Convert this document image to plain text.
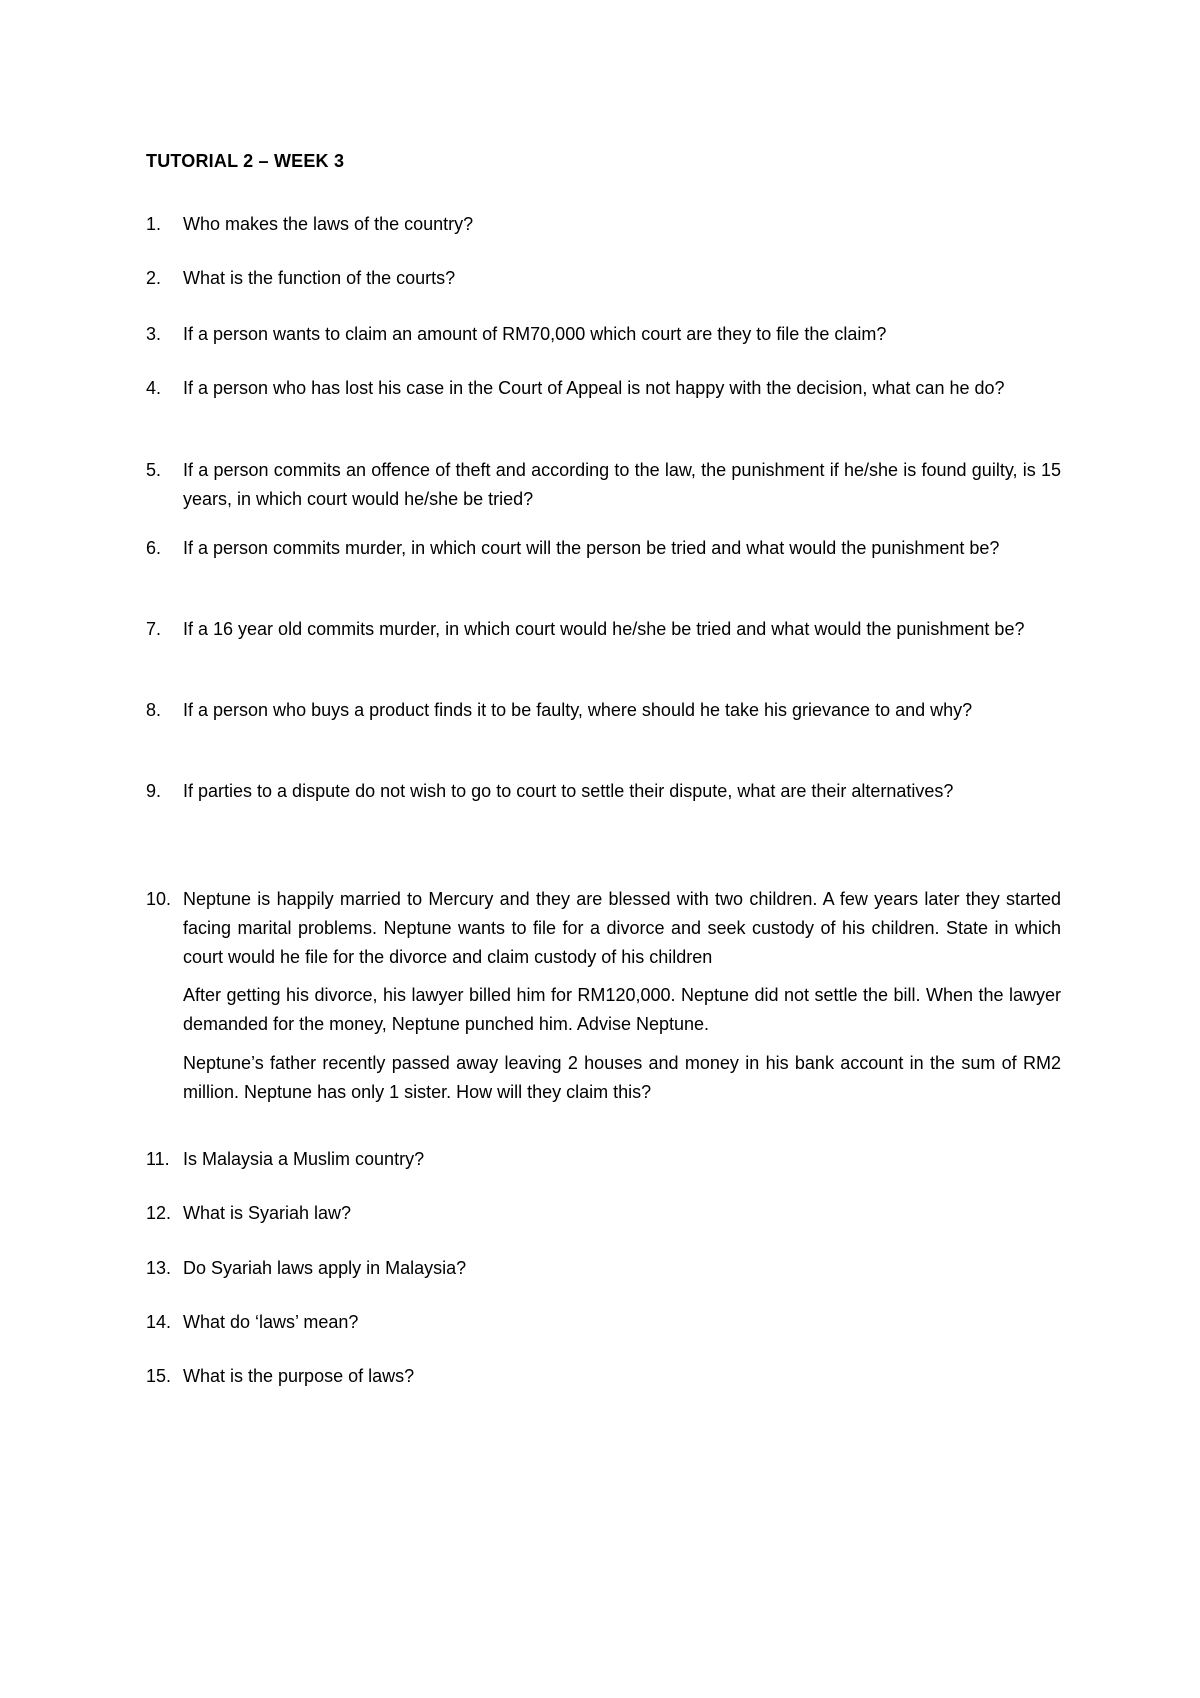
TUTORIAL 2 – WEEK 3
1.	Who makes the laws of the country?
2.	What is the function of the courts?
3.	If a person wants to claim an amount of RM70,000 which court are they to file the claim?
4.	If a person who has lost his case in the Court of Appeal is not happy with the decision, what can he do?
5.	If a person commits an offence of theft and according to the law, the punishment if he/she is found guilty, is 15 years, in which court would he/she be tried?
6.	If a person commits murder, in which court will the person be tried and what would the punishment be?
7.	If a 16 year old commits murder, in which court would he/she be tried and what would the punishment be?
8.	If a person who buys a product finds it to be faulty, where should he take his grievance to and why?
9.	If parties to a dispute do not wish to go to court to settle their dispute, what are their alternatives?
10. Neptune is happily married to Mercury and they are blessed with two children. A few years later they started facing marital problems. Neptune wants to file for a divorce and seek custody of his children. State in which court would he file for the divorce and claim custody of his children
After getting his divorce, his lawyer billed him for RM120,000. Neptune did not settle the bill. When the lawyer demanded for the money, Neptune punched him. Advise Neptune.
Neptune’s father recently passed away leaving 2 houses and money in his bank account in the sum of RM2 million. Neptune has only 1 sister. How will they claim this?
11. Is Malaysia a Muslim country?
12. What is Syariah law?
13. Do Syariah laws apply in Malaysia?
14. What do ‘laws’ mean?
15. What is the purpose of laws?
